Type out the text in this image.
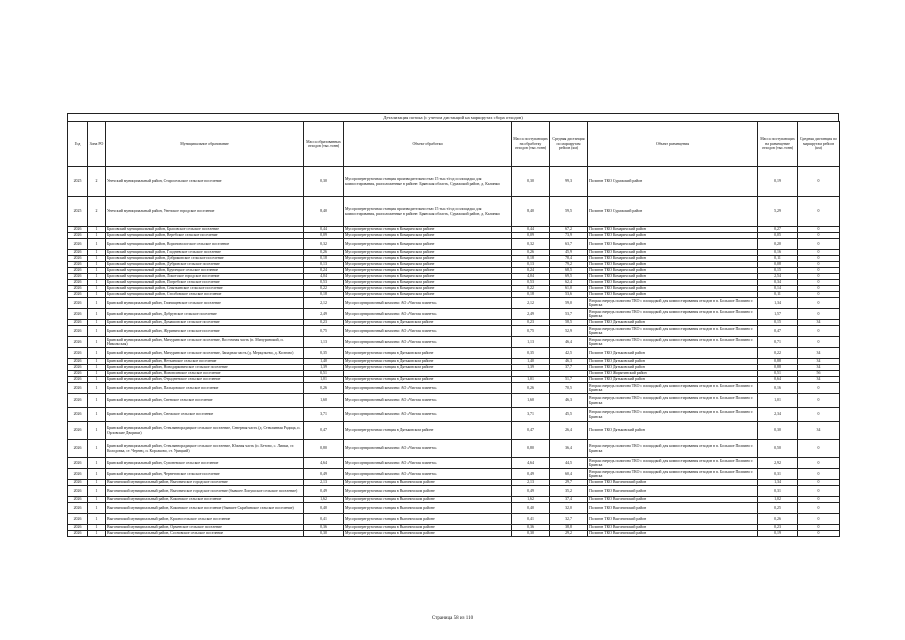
Детализация потока (с учетом дистанций на маршрутах сбора отходов)
Год	Зона РО	Муниципальное образование	Масса образованных отходов (тыс.тонн)	Объект обработки	Масса поступающих на обработку отходов (тыс.тонн)	Средняя дистанция по маршрутам рейсов (км)	Объект размещения	Масса поступающих на размещение отходов (тыс.тонн)	Средняя дистанция по маршрутам рейсов (км)
2025	2	Унечский муниципальный район, Старосельское сельское поселение	0,30	Мусороперегрузочная станция производительностью 15 тыс.т/год и площадка для компостирования, расположенные в районе: Брянская область, Суражский район, д. Калинки	0,30	99,3	Полигон ТКО Суражский район	0,19	0
2025	2	Унечский муниципальный район, Унечское городское поселение	8,40	Мусороперегрузочная станция производительностью 15 тыс.т/год и площадка для компостирования, расположенные в районе: Брянская область, Суражский район, д. Калинки	8,40	59,5	Полигон ТКО Суражский район	5,29	0
2026	1	Брасовский муниципальный район, Брасовское сельское поселение	0,44	Мусороперегрузочная станция в Комаричском районе	0,44	67,2	Полигон ТКО Комаричский район	0,27	0
2026	1	Брасовский муниципальный район, Веребское сельское поселение	0,09	Мусороперегрузочная станция в Комаричском районе	0,09	73,9	Полигон ТКО Комаричский район	0,05	0
2026	1	Брасовский муниципальный район, Вороновологское сельское поселение	0,32	Мусороперегрузочная станция в Комаричском районе	0,32	63,7	Полигон ТКО Комаричский район	0,20	0
2026	1	Брасовский муниципальный район, Глодневское сельское поселение	0,26	Мусороперегрузочная станция в Комаричском районе	0,26	45,9	Полигон ТКО Комаричский район	0,16	0
2026	1	Брасовский муниципальный район, Добриковское сельское поселение	0,18	Мусороперегрузочная станция в Комаричском районе	0,18	78,4	Полигон ТКО Комаричский район	0,11	0
2026	1	Брасовский муниципальный район, Дубровское сельское поселение	0,13	Мусороперегрузочная станция в Комаричском районе	0,13	79,2	Полигон ТКО Комаричский район	0,08	0
2026	1	Брасовский муниципальный район, Крупецкое сельское поселение	0,24	Мусороперегрузочная станция в Комаричском районе	0,24	68,5	Полигон ТКО Комаричский район	0,15	0
2026	1	Брасовский муниципальный район, Локотское городское поселение	4,04	Мусороперегрузочная станция в Комаричском районе	4,04	69,5	Полигон ТКО Комаричский район	2,54	0
2026	1	Брасовский муниципальный район, Погребское сельское поселение	0,53	Мусороперегрузочная станция в Комаричском районе	0,53	62,4	Полигон ТКО Комаричский район	0,34	0
2026	1	Брасовский муниципальный район, Сныткинское сельское поселение	0,22	Мусороперегрузочная станция в Комаричском районе	0,22	61,0	Полигон ТКО Комаричский район	0,14	0
2026	1	Брасовский муниципальный район, Столбовское сельское поселение	0,18	Мусороперегрузочная станция в Комаричском районе	0,18	53,6	Полигон ТКО Комаричский район	0,11	0
2026	1	Брянский муниципальный район, Глинищевское сельское поселение	2,12	Мусоросортировочный комплекс АО «Чистая планета»	2,12	59,0	Вторая очередь полигона ТКО с площадкой для компостирования отходов в п. Большое Полпино г. Брянска	1,34	0
2026	1	Брянский муниципальный район, Добрунское сельское поселение	2,49	Мусоросортировочный комплекс АО «Чистая планета»	2,49	53,7	Вторая очередь полигона ТКО с площадкой для компостирования отходов в п. Большое Полпино г. Брянска	1,57	0
2026	1	Брянский муниципальный район, Домашовское сельское поселение	0,23	Мусороперегрузочная станция в Дятьковском районе	0,23	58,5	Полигон ТКО Дятьковский район	0,15	34
2026	1	Брянский муниципальный район, Журиничское сельское поселение	0,75	Мусоросортировочный комплекс АО «Чистая планета»	0,75	52,9	Вторая очередь полигона ТКО с площадкой для компостирования отходов в п. Большое Полпино г. Брянска	0,47	0
2026	1	Брянский муниципальный район, Мичуринское сельское поселение, Восточная часть (п. Мичуринский, п. Никольская)	1,13	Мусоросортировочный комплекс АО «Чистая планета»	1,13	46,4	Вторая очередь полигона ТКО с площадкой для компостирования отходов в п. Большое Полпино г. Брянска	0,71	0
2026	1	Брянский муниципальный район, Мичуринское сельское поселение, Западная часть (д. Меркульево, д. Колтово)	0,35	Мусороперегрузочная станция в Дятьковском районе	0,35	42,5	Полигон ТКО Дятьковский район	0,22	34
2026	1	Брянский муниципальный район, Нетьинское сельское поселение	1,40	Мусороперегрузочная станция в Дятьковском районе	1,40	46,3	Полигон ТКО Дятьковский район	0,88	34
2026	1	Брянский муниципальный район, Новодарковичское сельское поселение	1,39	Мусороперегрузочная станция в Дятьковском районе	1,39	37,7	Полигон ТКО Дятьковский район	0,88	34
2026	1	Брянский муниципальный район, Нововсинское сельское поселение	0,51				Полигон ТКО Жирятинский район	0,51	56
2026	1	Брянский муниципальный район, Отрадненское сельское поселение	1,01	Мусороперегрузочная станция в Дятьковском районе	1,01	51,7	Полигон ТКО Дятьковский район	0,64	34
2026	1	Брянский муниципальный район, Пальцовское сельское поселение	0,26	Мусоросортировочный комплекс АО «Чистая планета»	0,26	70,5	Вторая очередь полигона ТКО с площадкой для компостирования отходов в п. Большое Полпино г. Брянска	0,16	0
2026	1	Брянский муниципальный район, Свенское сельское поселение	1,60	Мусоросортировочный комплекс АО «Чистая планета»	1,60	46,3	Вторая очередь полигона ТКО с площадкой для компостирования отходов в п. Большое Полпино г. Брянска	1,01	0
2026	1	Брянский муниципальный район, Снежское сельское поселение	3,71	Мусоросортировочный комплекс АО «Чистая планета»	3,71	45,5	Вторая очередь полигона ТКО с площадкой для компостирования отходов в п. Большое Полпино г. Брянска	2,34	0
2026	1	Брянский муниципальный район, Стекляннорадицкое сельское поселение, Северная часть (д. Стеклянная Радица, п. Орловские Дворики)	0,47	Мусороперегрузочная станция в Дятьковском районе	0,47	26,4	Полигон ТКО Дятьковский район	0,30	34
2026	1	Брянский муниципальный район, Стекляннорадицкое сельское поселение, Южная часть (п. Бетово, с. Липки, ст. Колодовка, ст. Чернец, п. Корсаково, ст. Урицкий)	0,80	Мусоросортировочный комплекс АО «Чистая планета»	0,80	36,4	Вторая очередь полигона ТКО с площадкой для компостирования отходов в п. Большое Полпино г. Брянска	0,50	0
2026	1	Брянский муниципальный район, Супоневское сельское поселение	4,64	Мусоросортировочный комплекс АО «Чистая планета»	4,64	44,5	Вторая очередь полигона ТКО с площадкой для компостирования отходов в п. Большое Полпино г. Брянска	2,92	0
2026	1	Брянский муниципальный район, Чернетовское сельское поселение	0,49	Мусоросортировочный комплекс АО «Чистая планета»	0,49	60,4	Вторая очередь полигона ТКО с площадкой для компостирования отходов в п. Большое Полпино г. Брянска	0,31	0
2026	1	Выгоничский муниципальный район, Выгоничское городское поселение	2,13	Мусороперегрузочная станция в Выгоничском районе	2,13	29,7	Полигон ТКО Выгоничский район	1,34	0
2026	1	Выгоничский муниципальный район, Выгоничское городское поселение (бывшее Лопушское сельское поселение)	0,49	Мусороперегрузочная станция в Выгоничском районе	0,49	35,2	Полигон ТКО Выгоничский район	0,31	0
2026	1	Выгоничский муниципальный район, Кокинское сельское поселение	1,62	Мусороперегрузочная станция в Выгоничском районе	1,62	37,4	Полигон ТКО Выгоничский район	1,02	0
2026	1	Выгоничский муниципальный район, Кокинское сельское поселение (бывшее Скрябинское сельское поселение)	0,40	Мусороперегрузочная станция в Выгоничском районе	0,40	32,0	Полигон ТКО Выгоничский район	0,25	0
2026	1	Выгоничский муниципальный район, Красносельское сельское поселение	0,41	Мусороперегрузочная станция в Выгоничском районе	0,41	32,7	Полигон ТКО Выгоничский район	0,26	0
2026	1	Выгоничский муниципальный район, Орменское сельское поселение	0,36	Мусороперегрузочная станция в Выгоничском районе	0,36	38,8	Полигон ТКО Выгоничский район	0,23	0
2026	1	Выгоничский муниципальный район, Сосновское сельское поселение	0,30	Мусороперегрузочная станция в Выгоничском районе	0,30	29,2	Полигон ТКО Выгоничский район	0,19	0
Страница 58 из 110
